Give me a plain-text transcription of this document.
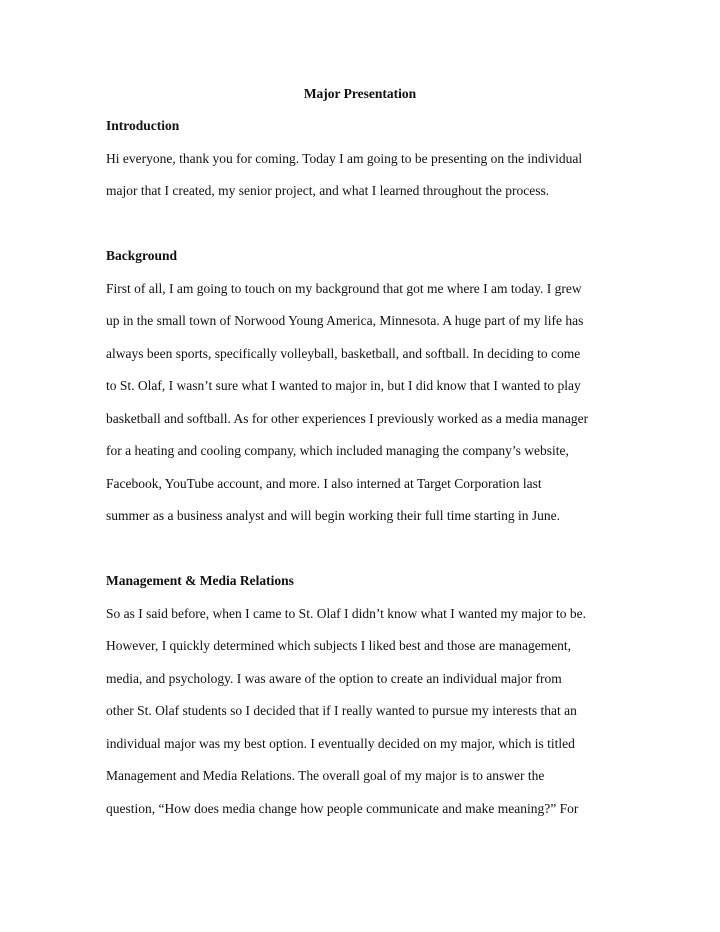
Major Presentation

Introduction

Hi everyone, thank you for coming. Today I am going to be presenting on the individual

major that I created, my senior project, and what I learned throughout the process.

Background

First of all, I am going to touch on my background that got me where I am today. I grew

up in the small town of Norwood Young America, Minnesota. A huge part of my life has

always been sports, specifically volleyball, basketball, and softball. In deciding to come

to St. Olaf, I wasn’t sure what I wanted to major in, but I did know that I wanted to play

basketball and softball. As for other experiences I previously worked as a media manager

for a heating and cooling company, which included managing the company’s website,

Facebook, YouTube account, and more. I also interned at Target Corporation last

summer as a business analyst and will begin working their full time starting in June.

Management & Media Relations

So as I said before, when I came to St. Olaf I didn’t know what I wanted my major to be.

However, I quickly determined which subjects I liked best and those are management,

media, and psychology. I was aware of the option to create an individual major from

other St. Olaf students so I decided that if I really wanted to pursue my interests that an

individual major was my best option. I eventually decided on my major, which is titled

Management and Media Relations. The overall goal of my major is to answer the

question, “How does media change how people communicate and make meaning?” For
